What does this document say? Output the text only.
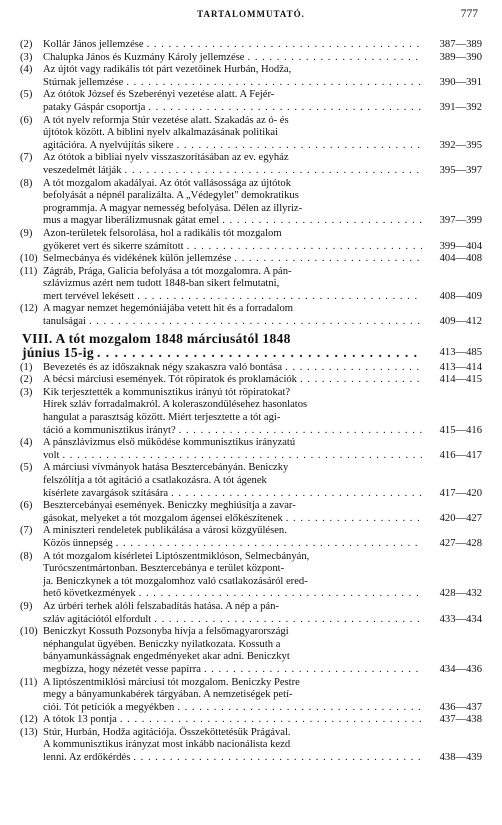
TARTALOMMUTATÓ.	777
(2)	Kollár János jellemzése . . .	387—389
(3)	Chalupka János és Kuzmány Károly jellemzése . . .	389—390
(4)	Az újtót vagy radikális tót párt vezetőinek Hurbán, Hodža,
Stúrnak jellemzése . . .	390—391
(5)	Az ótótok József és Szeberényi vezetése alatt. A Fejér-
pataky Gáspár csoportja . . .	391—392
(6)	A tót nyelv reformja Stúr vezetése alatt. Szakadás az ó- és
újtótok között. A biblini nyelv alkalmazásának politikai
agitációra. A nyelvújítás sikere . . .	392—395
(7)	Az ótótok a bibliai nyelv visszaszorításában az ev. egyház
veszedelmét látják . . .	395—397
(8)	A tót mozgalom akadályai. Az ótót vallásossága az újtótok
befolyását a népnél paralizálta. A „Védegylet" demokratikus
programmja. A magyar nemesség befolyása. Délen az illyriz-
mus a magyar liberálizmusnak gátat emel . . .	397—399
(9)	Azon-területek felsorolása, hol a radikális tót mozgalom
gyökeret vert és sikerre számított . . .	399—404
(10) Selmecbánya és vidékének külön jellemzése . . .	404—408
(11) Zágráb, Prága, Galicia befolyása a tót mozgalomra. A pán-
szlávizmus azért nem tudott 1848-ban sikert felmutatni,
mert tervével lekésett . . .	408—409
(12) A magyar nemzet hegemóniájába vetett hit és a forradalom
tanulságai . . .	409—412
VIII. A tót mozgalom 1848 márciusától 1848
június 15-ig . . .	413—485
(1)	Bevezetés és az időszaknak négy szakaszra való bontása . . .	413—414
(2)	A bécsi márciusi események. Tót röpiratok és proklamációk . . .	414—415
(3)	Kik terjesztették a kommunisztikus irányú tót röpiratokat?
Hírek szláv forradalmakról. A koleraszondülésehez hasonlatos
hangulat a parasztság között. Miért terjesztette a tót agi-
táció a kommunisztikus irányt? . . .	415—416
(4)	A pánszlávizmus első működése kommunisztikus irányzatú
volt . . .	416—417
(5)	A márciusi vívmányok hatása Besztercebányán. Beniczky
felszólítja a tót agitáció a csatlakozásra. A tót ágenek
kísérlete zavargások szítására . . .	417—420
(6)	Besztercebányai események. Beniczky meghiúsítja a zavar-
gásokat, melyeket a tót mozgalom ágensei előkészítenek . . .	420—427
(7)	A miniszteri rendeletek publikálása a városi közgyűlésen.
Közös ünnepség . . .	427—428
(8)	A tót mozgalom kísérletei Liptószentmiklóson, Selmecbányán,
Turócszentmártonban. Besztercebánya e terület központ-
ja. Beniczkynek a tót mozgalomhoz való csatlakozásáról ered-
hető következmények . . .	428—432
(9)	Az úrbéri terhek alóli felszabadítás hatása. A nép a pán-
szláv agitációtól elfordult . . .	433—434
(10) Beniczkyt Kossuth Pozsonyba hívja a felsőmagyarországi
néphangulat ügyében. Beniczky nyilatkozata. Kossuth a
bányamunkásságnak engedményeket akar adni. Beniczkyt
megbízza, hogy nézetét vesse papírra . . .	434—436
(11) A liptószentmiklósi márciusi tót mozgalom. Beniczky Pestre
megy a bányamunkabérek tárgyában. A nemzetiségek petí-
ciói. Tót petíciók a megyékben . . .	436—437
(12) A tótok 13 pontja . . .	437—438
(13) Stúr, Hurbán, Hodža agitációja. Összeköttetésük Prágával.
A kommunisztikus irányzat most inkább nacionálista kezd
lenni. Az erdőkérdés . . .	438—439
